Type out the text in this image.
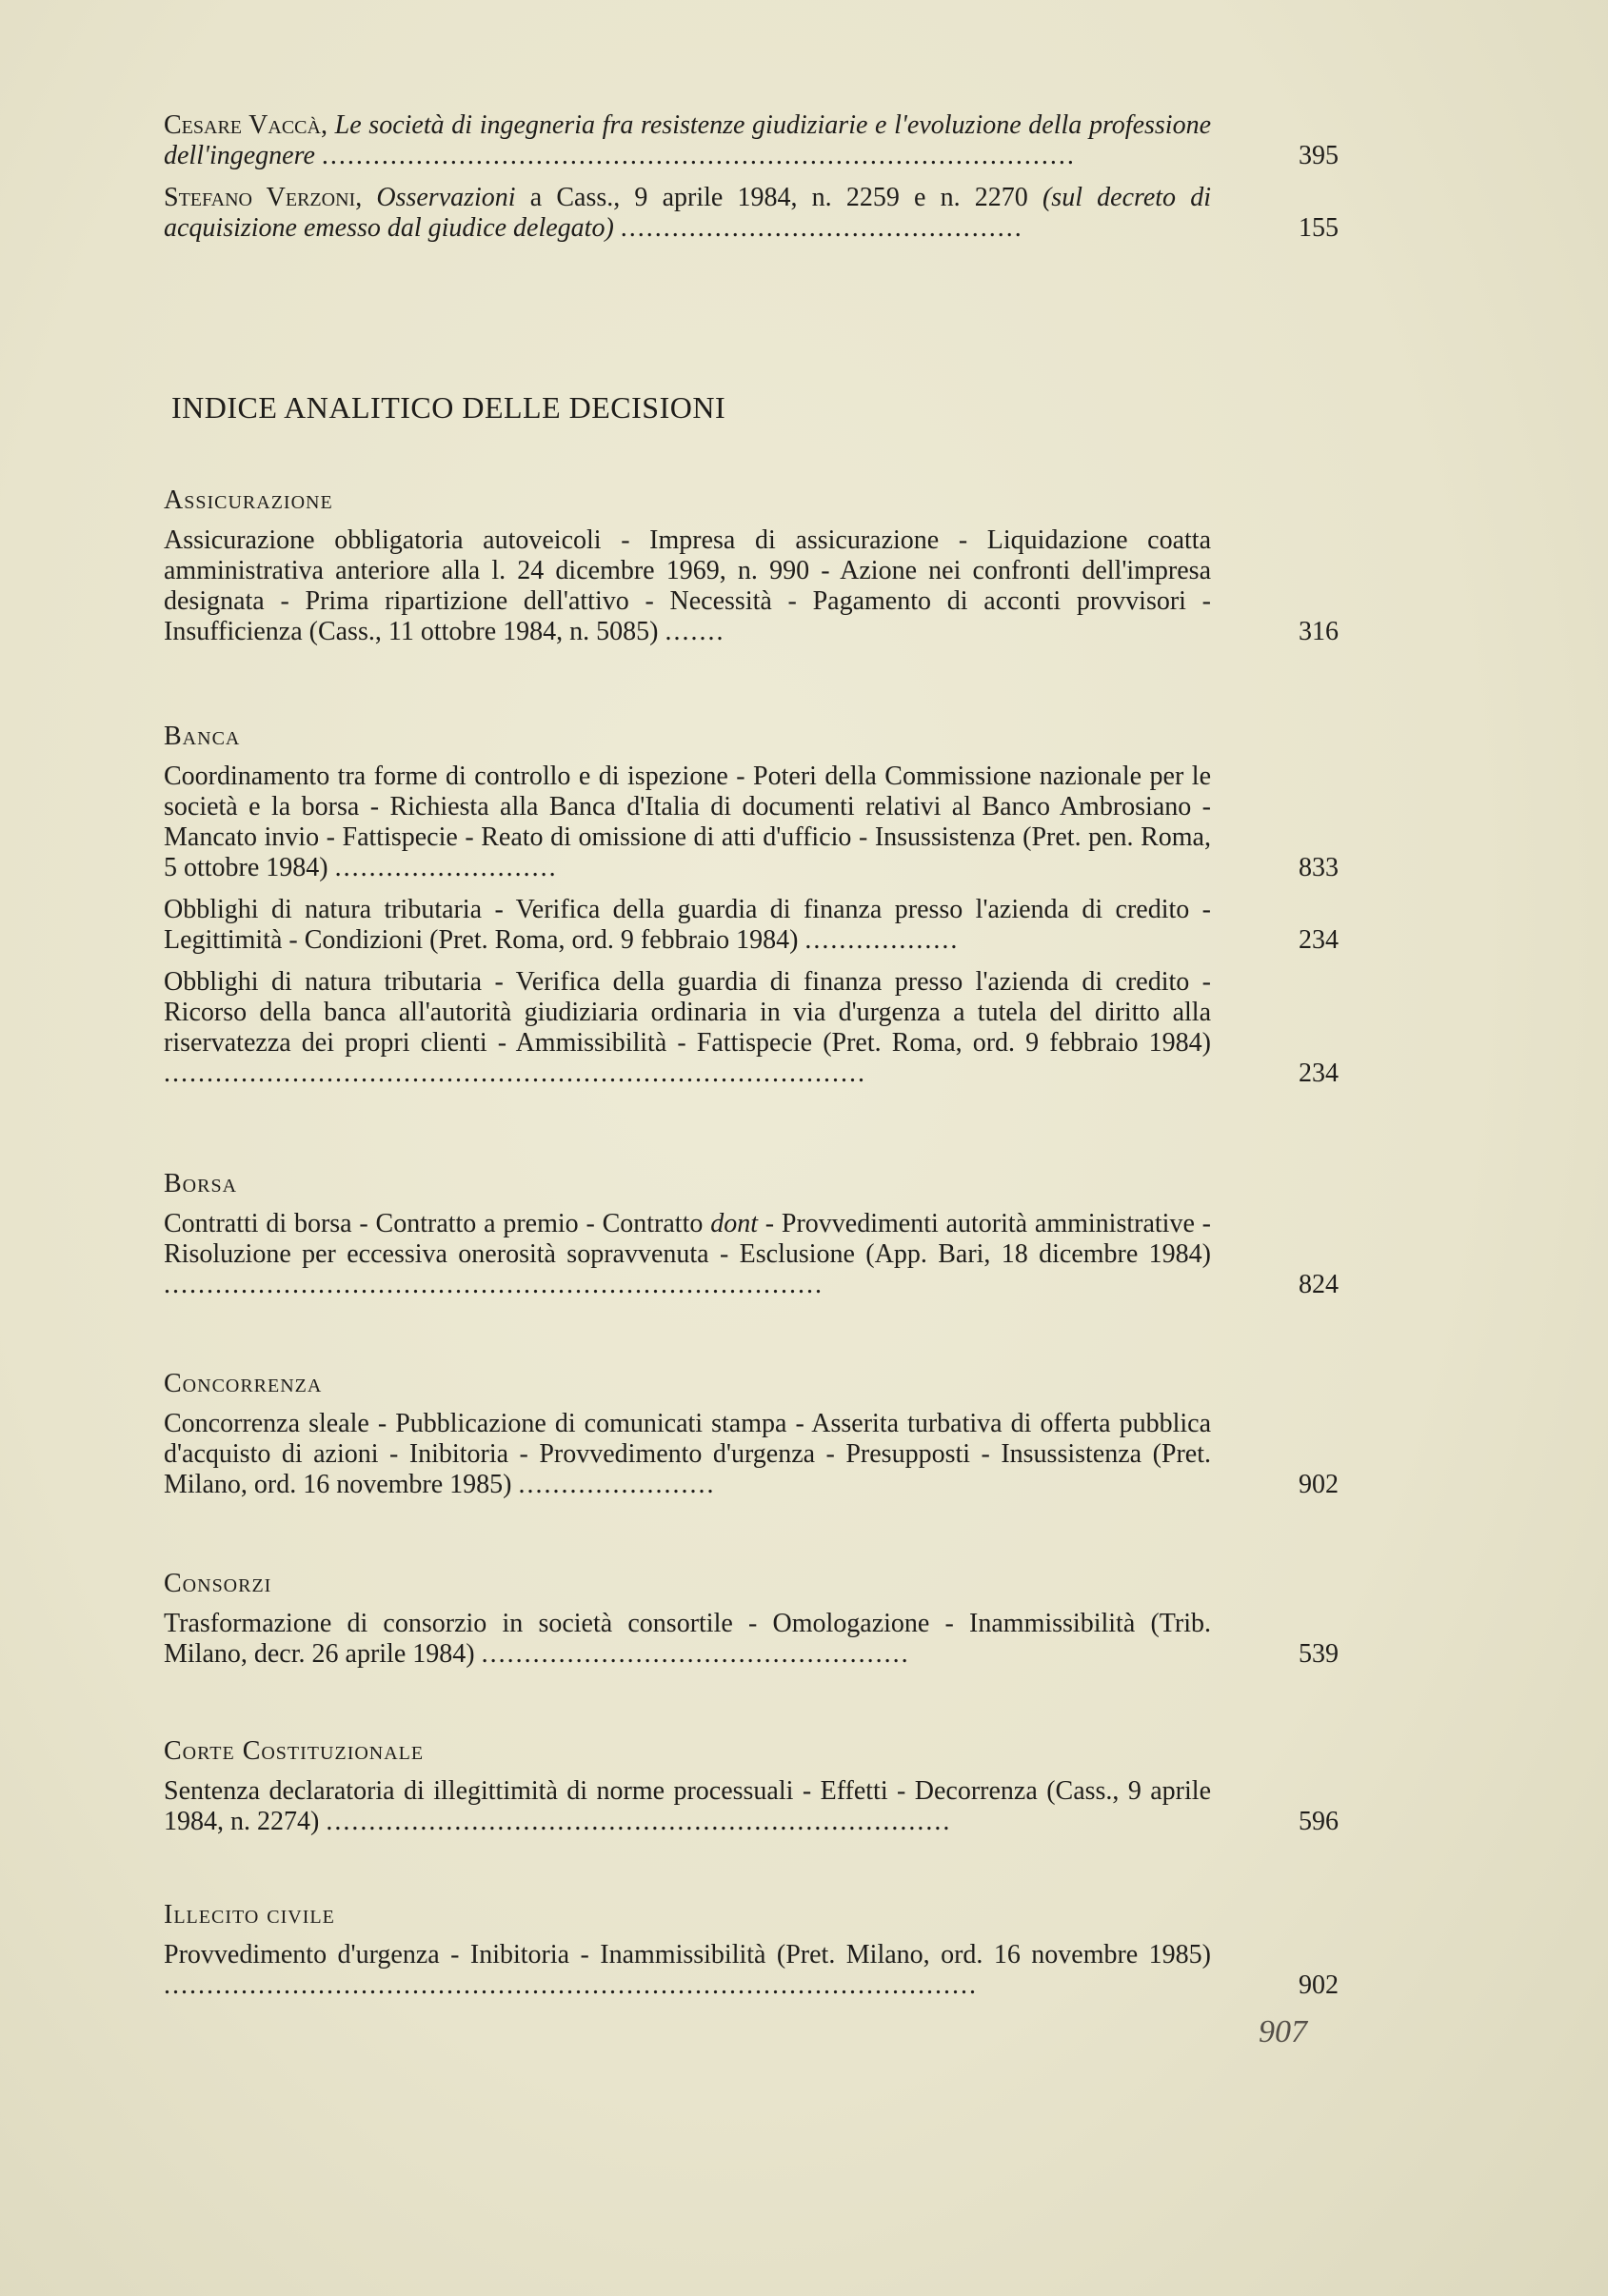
Cesare Vaccà, Le società di ingegneria fra resistenze giudiziarie e l'evoluzione della professione dell'ingegnere ........................................................................................	395
Stefano Verzoni, Osservazioni a Cass., 9 aprile 1984, n. 2259 e n. 2270 (sul decreto di acquisizione emesso dal giudice delegato) ...............................................	155
INDICE ANALITICO DELLE DECISIONI
Assicurazione
Assicurazione obbligatoria autoveicoli - Impresa di assicurazione - Liquidazione coatta amministrativa anteriore alla l. 24 dicembre 1969, n. 990 - Azione nei confronti dell'impresa designata - Prima ripartizione dell'attivo - Necessità - Pagamento di acconti provvisori - Insufficienza (Cass., 11 ottobre 1984, n. 5085) .......	316
Banca
Coordinamento tra forme di controllo e di ispezione - Poteri della Commissione nazionale per le società e la borsa - Richiesta alla Banca d'Italia di documenti relativi al Banco Ambrosiano - Mancato invio - Fattispecie - Reato di omissione di atti d'ufficio - Insussistenza (Pret. pen. Roma, 5 ottobre 1984) ..........................	833
Obblighi di natura tributaria - Verifica della guardia di finanza presso l'azienda di credito - Legittimità - Condizioni (Pret. Roma, ord. 9 febbraio 1984) ..................	234
Obblighi di natura tributaria - Verifica della guardia di finanza presso l'azienda di credito - Ricorso della banca all'autorità giudiziaria ordinaria in via d'urgenza a tutela del diritto alla riservatezza dei propri clienti - Ammissibilità - Fattispecie (Pret. Roma, ord. 9 febbraio 1984) ..................................................................................	234
Borsa
Contratti di borsa - Contratto a premio - Contratto dont - Provvedimenti autorità amministrative - Risoluzione per eccessiva onerosità sopravvenuta - Esclusione (App. Bari, 18 dicembre 1984) .............................................................................	824
Concorrenza
Concorrenza sleale - Pubblicazione di comunicati stampa - Asserita turbativa di offerta pubblica d'acquisto di azioni - Inibitoria - Provvedimento d'urgenza - Presupposti - Insussistenza (Pret. Milano, ord. 16 novembre 1985) .......................	902
Consorzi
Trasformazione di consorzio in società consortile - Omologazione - Inammissibilità (Trib. Milano, decr. 26 aprile 1984) ..................................................	539
Corte Costituzionale
Sentenza declaratoria di illegittimità di norme processuali - Effetti - Decorrenza (Cass., 9 aprile 1984, n. 2274) .........................................................................	596
Illecito civile
Provvedimento d'urgenza - Inibitoria - Inammissibilità (Pret. Milano, ord. 16 novembre 1985) ...............................................................................................	902
907
